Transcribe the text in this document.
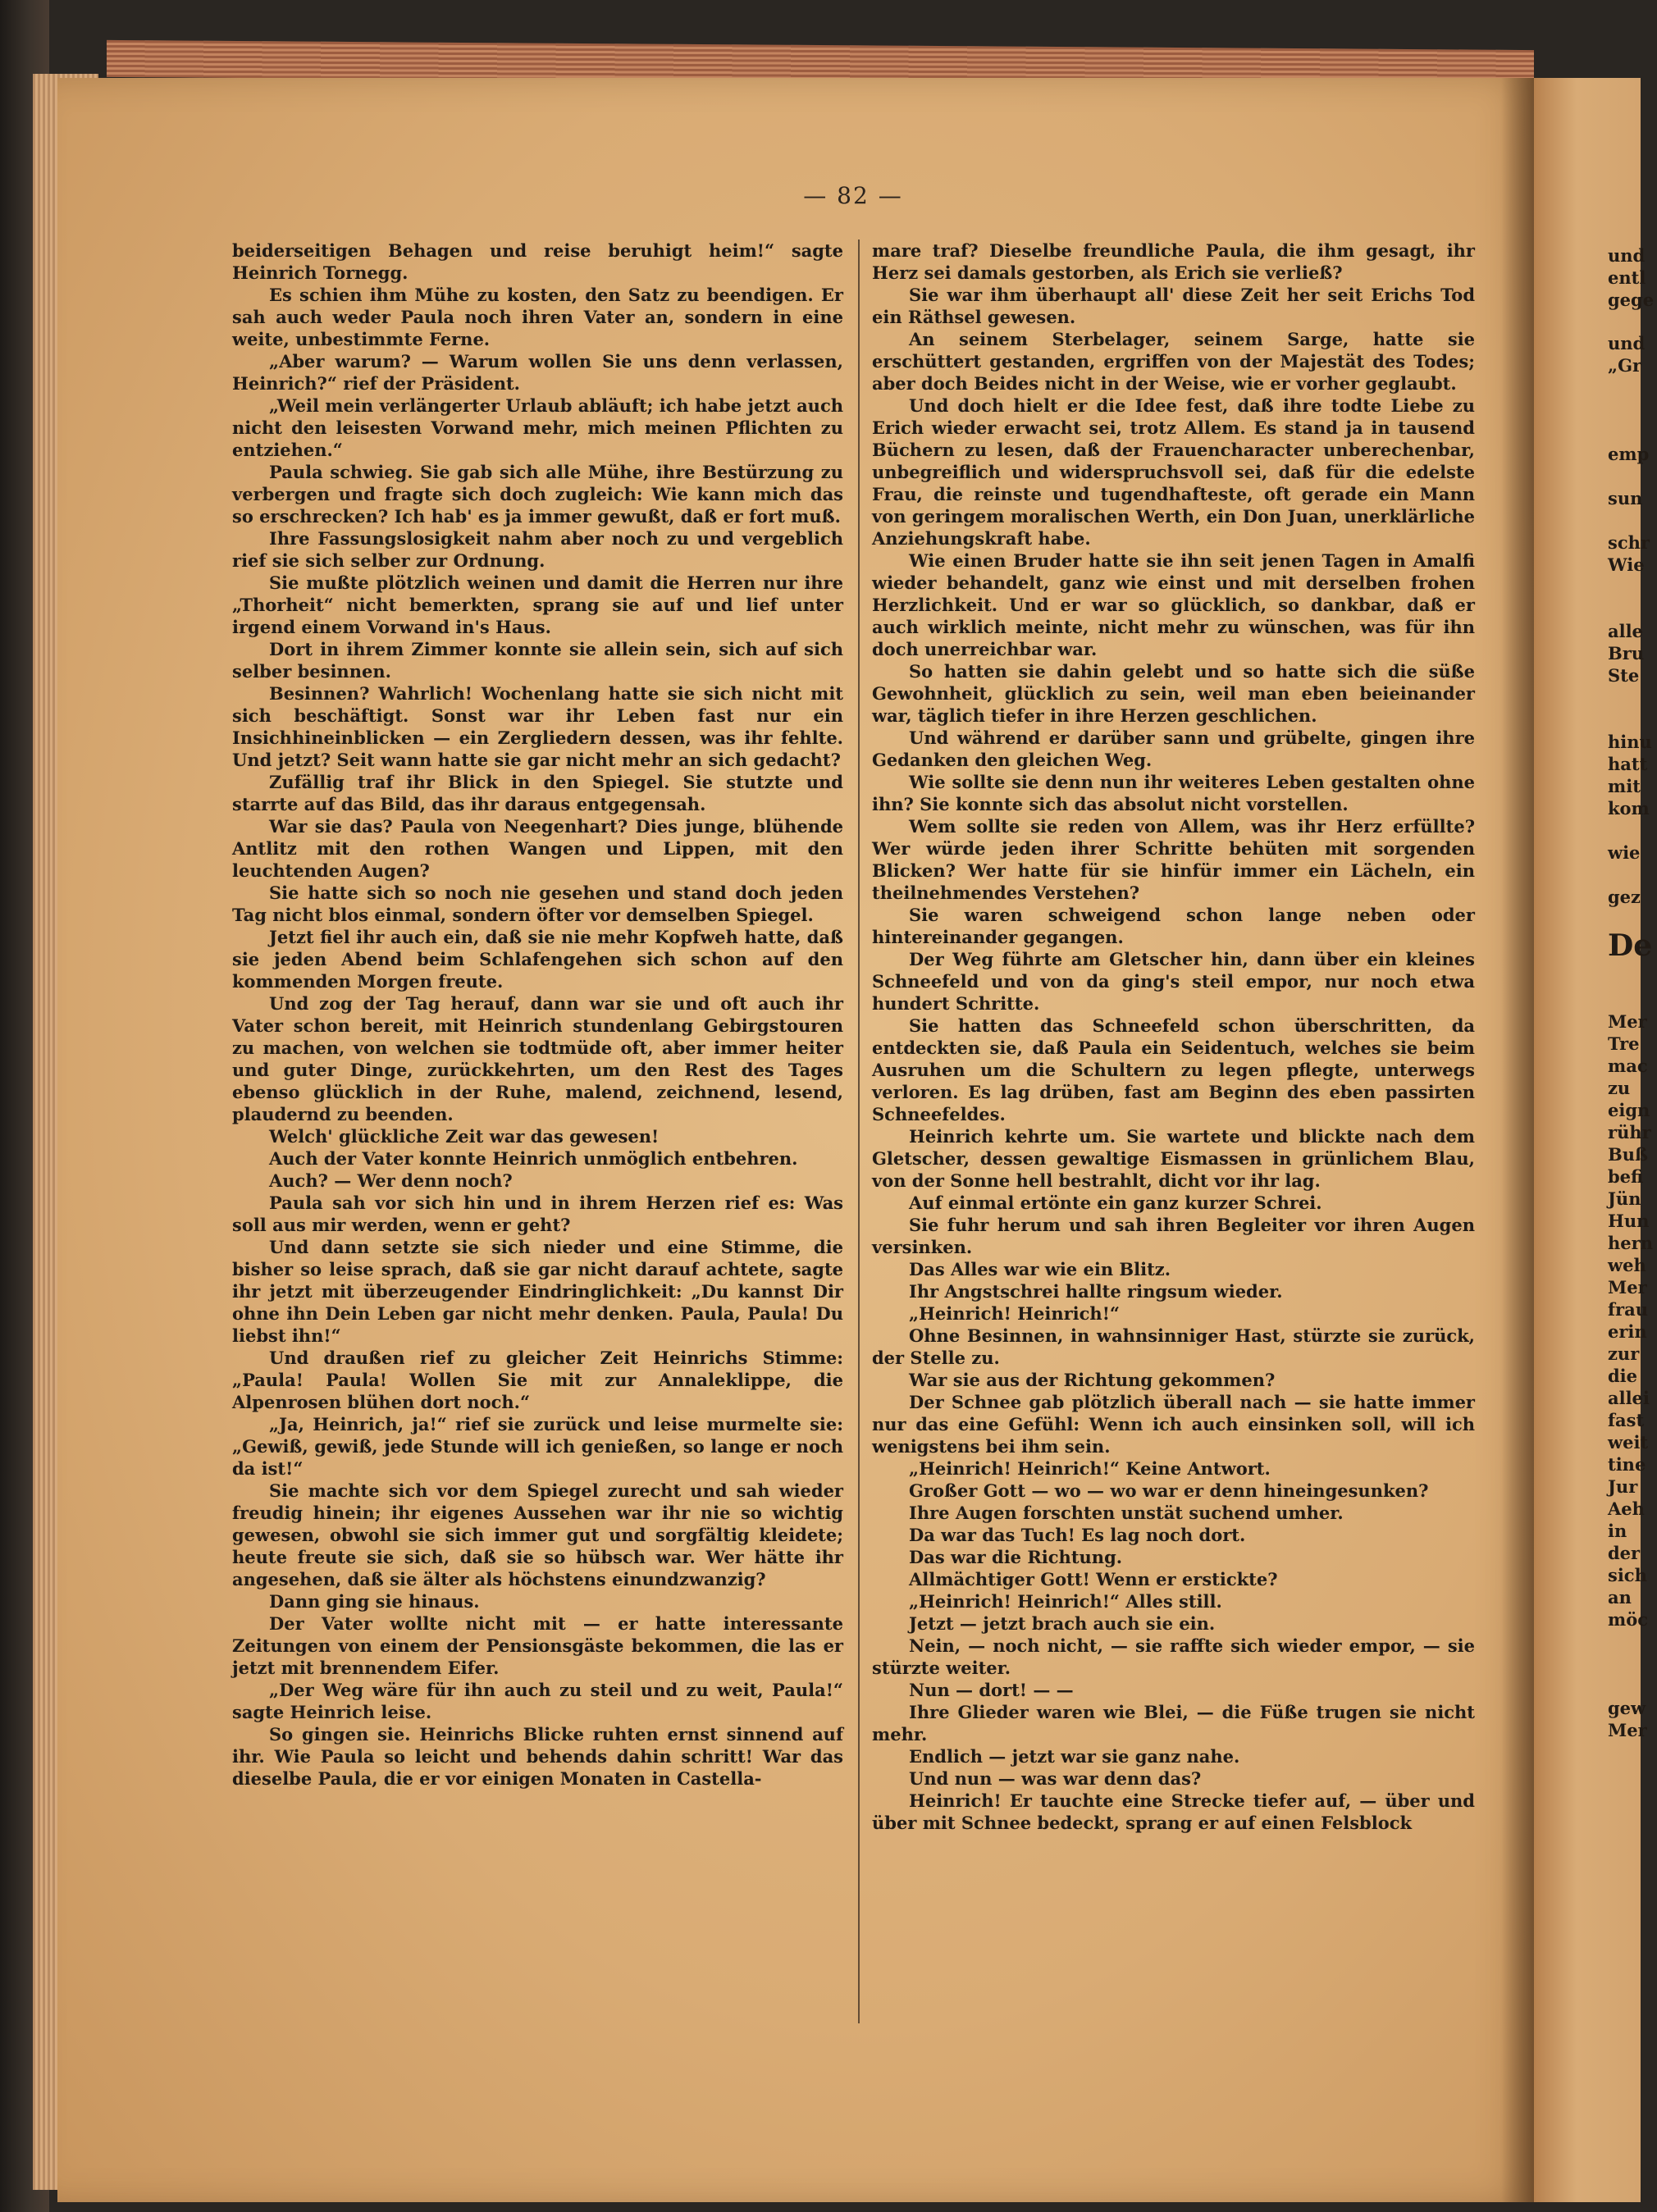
— 82 —

beiderseitigen Behagen und reise beruhigt heim!“ sagte Heinrich Tornegg.

Es schien ihm Mühe zu kosten, den Satz zu beendigen. Er sah auch weder Paula noch ihren Vater an, sondern in eine weite, unbestimmte Ferne.

„Aber warum? — Warum wollen Sie uns denn verlassen, Heinrich?“ rief der Präsident.

„Weil mein verlängerter Urlaub abläuft; ich habe jetzt auch nicht den leisesten Vorwand mehr, mich meinen Pflichten zu entziehen.“

Paula schwieg. Sie gab sich alle Mühe, ihre Bestürzung zu verbergen und fragte sich doch zugleich: Wie kann mich das so erschrecken? Ich hab' es ja immer gewußt, daß er fort muß.

Ihre Fassungslosigkeit nahm aber noch zu und vergeblich rief sie sich selber zur Ordnung.

Sie mußte plötzlich weinen und damit die Herren nur ihre „Thorheit“ nicht bemerkten, sprang sie auf und lief unter irgend einem Vorwand in's Haus.

Dort in ihrem Zimmer konnte sie allein sein, sich auf sich selber besinnen.

Besinnen? Wahrlich! Wochenlang hatte sie sich nicht mit sich beschäftigt. Sonst war ihr Leben fast nur ein Insichhineinblicken — ein Zergliedern dessen, was ihr fehlte. Und jetzt? Seit wann hatte sie gar nicht mehr an sich gedacht?

Zufällig traf ihr Blick in den Spiegel. Sie stutzte und starrte auf das Bild, das ihr daraus entgegensah.

War sie das? Paula von Neegenhart? Dies junge, blühende Antlitz mit den rothen Wangen und Lippen, mit den leuchtenden Augen?

Sie hatte sich so noch nie gesehen und stand doch jeden Tag nicht blos einmal, sondern öfter vor demselben Spiegel.

Jetzt fiel ihr auch ein, daß sie nie mehr Kopfweh hatte, daß sie jeden Abend beim Schlafengehen sich schon auf den kommenden Morgen freute.

Und zog der Tag herauf, dann war sie und oft auch ihr Vater schon bereit, mit Heinrich stundenlang Gebirgstouren zu machen, von welchen sie todtmüde oft, aber immer heiter und guter Dinge, zurückkehrten, um den Rest des Tages ebenso glücklich in der Ruhe, malend, zeichnend, lesend, plaudernd zu beenden.

Welch' glückliche Zeit war das gewesen!

Auch der Vater konnte Heinrich unmöglich entbehren.

Auch? — Wer denn noch?

Paula sah vor sich hin und in ihrem Herzen rief es: Was soll aus mir werden, wenn er geht?

Und dann setzte sie sich nieder und eine Stimme, die bisher so leise sprach, daß sie gar nicht darauf achtete, sagte ihr jetzt mit überzeugender Eindringlichkeit: „Du kannst Dir ohne ihn Dein Leben gar nicht mehr denken. Paula, Paula! Du liebst ihn!“

Und draußen rief zu gleicher Zeit Heinrichs Stimme: „Paula! Paula! Wollen Sie mit zur Annaleklippe, die Alpenrosen blühen dort noch.“

„Ja, Heinrich, ja!“ rief sie zurück und leise murmelte sie: „Gewiß, gewiß, jede Stunde will ich genießen, so lange er noch da ist!“

Sie machte sich vor dem Spiegel zurecht und sah wieder freudig hinein; ihr eigenes Aussehen war ihr nie so wichtig gewesen, obwohl sie sich immer gut und sorgfältig kleidete; heute freute sie sich, daß sie so hübsch war. Wer hätte ihr angesehen, daß sie älter als höchstens einundzwanzig?

Dann ging sie hinaus.

Der Vater wollte nicht mit — er hatte interessante Zeitungen von einem der Pensionsgäste bekommen, die las er jetzt mit brennendem Eifer.

„Der Weg wäre für ihn auch zu steil und zu weit, Paula!“ sagte Heinrich leise.

So gingen sie. Heinrichs Blicke ruhten ernst sinnend auf ihr. Wie Paula so leicht und behends dahin schritt! War das dieselbe Paula, die er vor einigen Monaten in Castella-

mare traf? Dieselbe freundliche Paula, die ihm gesagt, ihr Herz sei damals gestorben, als Erich sie verließ?

Sie war ihm überhaupt all' diese Zeit her seit Erichs Tod ein Räthsel gewesen.

An seinem Sterbelager, seinem Sarge, hatte sie erschüttert gestanden, ergriffen von der Majestät des Todes; aber doch Beides nicht in der Weise, wie er vorher geglaubt.

Und doch hielt er die Idee fest, daß ihre todte Liebe zu Erich wieder erwacht sei, trotz Allem. Es stand ja in tausend Büchern zu lesen, daß der Frauencharacter unberechenbar, unbegreiflich und widerspruchsvoll sei, daß für die edelste Frau, die reinste und tugendhafteste, oft gerade ein Mann von geringem moralischen Werth, ein Don Juan, unerklärliche Anziehungskraft habe.

Wie einen Bruder hatte sie ihn seit jenen Tagen in Amalfi wieder behandelt, ganz wie einst und mit derselben frohen Herzlichkeit. Und er war so glücklich, so dankbar, daß er auch wirklich meinte, nicht mehr zu wünschen, was für ihn doch unerreichbar war.

So hatten sie dahin gelebt und so hatte sich die süße Gewohnheit, glücklich zu sein, weil man eben beieinander war, täglich tiefer in ihre Herzen geschlichen.

Und während er darüber sann und grübelte, gingen ihre Gedanken den gleichen Weg.

Wie sollte sie denn nun ihr weiteres Leben gestalten ohne ihn? Sie konnte sich das absolut nicht vorstellen.

Wem sollte sie reden von Allem, was ihr Herz erfüllte? Wer würde jeden ihrer Schritte behüten mit sorgenden Blicken? Wer hatte für sie hinfür immer ein Lächeln, ein theilnehmendes Verstehen?

Sie waren schweigend schon lange neben oder hintereinander gegangen.

Der Weg führte am Gletscher hin, dann über ein kleines Schneefeld und von da ging's steil empor, nur noch etwa hundert Schritte.

Sie hatten das Schneefeld schon überschritten, da entdeckten sie, daß Paula ein Seidentuch, welches sie beim Ausruhen um die Schultern zu legen pflegte, unterwegs verloren. Es lag drüben, fast am Beginn des eben passirten Schneefeldes.

Heinrich kehrte um. Sie wartete und blickte nach dem Gletscher, dessen gewaltige Eismassen in grünlichem Blau, von der Sonne hell bestrahlt, dicht vor ihr lag.

Auf einmal ertönte ein ganz kurzer Schrei.

Sie fuhr herum und sah ihren Begleiter vor ihren Augen versinken.

Das Alles war wie ein Blitz.

Ihr Angstschrei hallte ringsum wieder.

„Heinrich! Heinrich!“

Ohne Besinnen, in wahnsinniger Hast, stürzte sie zurück, der Stelle zu.

War sie aus der Richtung gekommen?

Der Schnee gab plötzlich überall nach — sie hatte immer nur das eine Gefühl: Wenn ich auch einsinken soll, will ich wenigstens bei ihm sein.

„Heinrich! Heinrich!“ Keine Antwort.

Großer Gott — wo — wo war er denn hineingesunken?

Ihre Augen forschten unstät suchend umher.

Da war das Tuch! Es lag noch dort.

Das war die Richtung.

Allmächtiger Gott! Wenn er erstickte?

„Heinrich! Heinrich!“ Alles still.

Jetzt — jetzt brach auch sie ein.

Nein, — noch nicht, — sie raffte sich wieder empor, — sie stürzte weiter.

Nun — dort! — —

Ihre Glieder waren wie Blei, — die Füße trugen sie nicht mehr.

Endlich — jetzt war sie ganz nahe.

Und nun — was war denn das?

Heinrich! Er tauchte eine Strecke tiefer auf, — über und über mit Schnee bedeckt, sprang er auf einen Felsblock

und
entl
gege
und
„Gr
emp
sun
schr
Wie
alle
Bru
Ste
hinu
hatt
mit
kom
wie
gez
De
Mer
Tre
mac
zu
eign
rühr
Buß
befi
Jün
Hun
hern
weh
Mer
frau
erin
zur
die
allei
fast
weit
tine
Jur
Aeh
in
der
sich
an
möc
gew
Mer
